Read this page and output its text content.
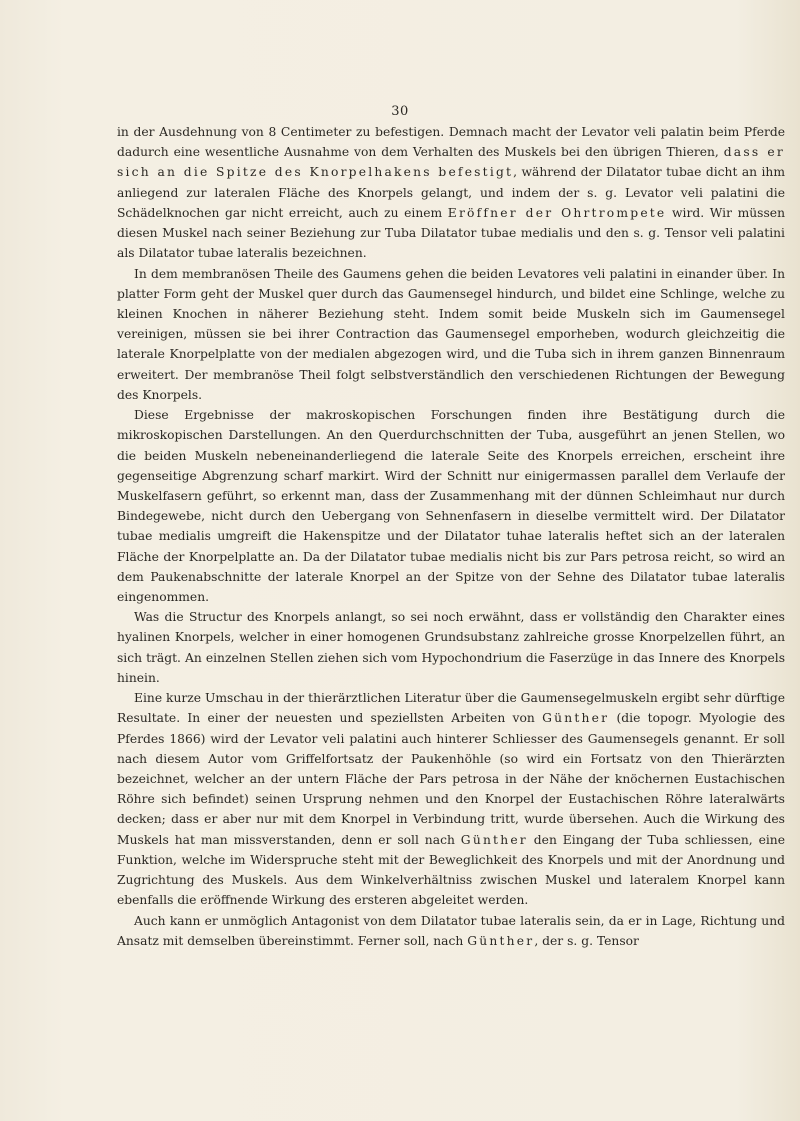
30

in der Ausdehnung von 8 Centimeter zu befestigen. Demnach macht der Levator veli palatin beim Pferde dadurch eine wesentliche Ausnahme von dem Verhalten des Muskels bei den übrigen Thieren, dass er sich an die Spitze des Knorpelhakens befestigt, während der Dilatator tubae dicht an ihm anliegend zur lateralen Fläche des Knorpels gelangt, und indem der s. g. Levator veli palatini die Schädelknochen gar nicht erreicht, auch zu einem Eröffner der Ohrtrompete wird. Wir müssen diesen Muskel nach seiner Beziehung zur Tuba Dilatator tubae medialis und den s. g. Tensor veli palatini als Dilatator tubae lateralis bezeichnen.

In dem membranösen Theile des Gaumens gehen die beiden Levatores veli palatini in einander über. In platter Form geht der Muskel quer durch das Gaumensegel hindurch, und bildet eine Schlinge, welche zu kleinen Knochen in näherer Beziehung steht. Indem somit beide Muskeln sich im Gaumensegel vereinigen, müssen sie bei ihrer Contraction das Gaumensegel emporheben, wodurch gleichzeitig die laterale Knorpelplatte von der medialen abgezogen wird, und die Tuba sich in ihrem ganzen Binnenraum erweitert. Der membranöse Theil folgt selbstverständlich den verschiedenen Richtungen der Bewegung des Knorpels.

Diese Ergebnisse der makroskopischen Forschungen finden ihre Bestätigung durch die mikroskopischen Darstellungen. An den Querdurchschnitten der Tuba, ausgeführt an jenen Stellen, wo die beiden Muskeln nebeneinanderliegend die laterale Seite des Knorpels erreichen, erscheint ihre gegenseitige Abgrenzung scharf markirt. Wird der Schnitt nur einigermassen parallel dem Verlaufe der Muskelfasern geführt, so erkennt man, dass der Zusammenhang mit der dünnen Schleimhaut nur durch Bindegewebe, nicht durch den Uebergang von Sehnenfasern in dieselbe vermittelt wird. Der Dilatator tubae medialis umgreift die Hakenspitze und der Dilatator tuhae lateralis heftet sich an der lateralen Fläche der Knorpelplatte an. Da der Dilatator tubae medialis nicht bis zur Pars petrosa reicht, so wird an dem Paukenabschnitte der laterale Knorpel an der Spitze von der Sehne des Dilatator tubae lateralis eingenommen.

Was die Structur des Knorpels anlangt, so sei noch erwähnt, dass er vollständig den Charakter eines hyalinen Knorpels, welcher in einer homogenen Grundsubstanz zahlreiche grosse Knorpelzellen führt, an sich trägt. An einzelnen Stellen ziehen sich vom Hypochondrium die Faserzüge in das Innere des Knorpels hinein.

Eine kurze Umschau in der thierärztlichen Literatur über die Gaumensegelmuskeln ergibt sehr dürftige Resultate. In einer der neuesten und speziellsten Arbeiten von Günther (die topogr. Myologie des Pferdes 1866) wird der Levator veli palatini auch hinterer Schliesser des Gaumensegels genannt. Er soll nach diesem Autor vom Griffelfortsatz der Paukenhöhle (so wird ein Fortsatz von den Thierärzten bezeichnet, welcher an der untern Fläche der Pars petrosa in der Nähe der knöchernen Eustachischen Röhre sich befindet) seinen Ursprung nehmen und den Knorpel der Eustachischen Röhre lateralwärts decken; dass er aber nur mit dem Knorpel in Verbindung tritt, wurde übersehen. Auch die Wirkung des Muskels hat man missverstanden, denn er soll nach Günther den Eingang der Tuba schliessen, eine Funktion, welche im Widerspruche steht mit der Beweglichkeit des Knorpels und mit der Anordnung und Zugrichtung des Muskels. Aus dem Winkelverhältniss zwischen Muskel und lateralem Knorpel kann ebenfalls die eröffnende Wirkung des ersteren abgeleitet werden.

Auch kann er unmöglich Antagonist von dem Dilatator tubae lateralis sein, da er in Lage, Richtung und Ansatz mit demselben übereinstimmt. Ferner soll, nach Günther, der s. g. Tensor
